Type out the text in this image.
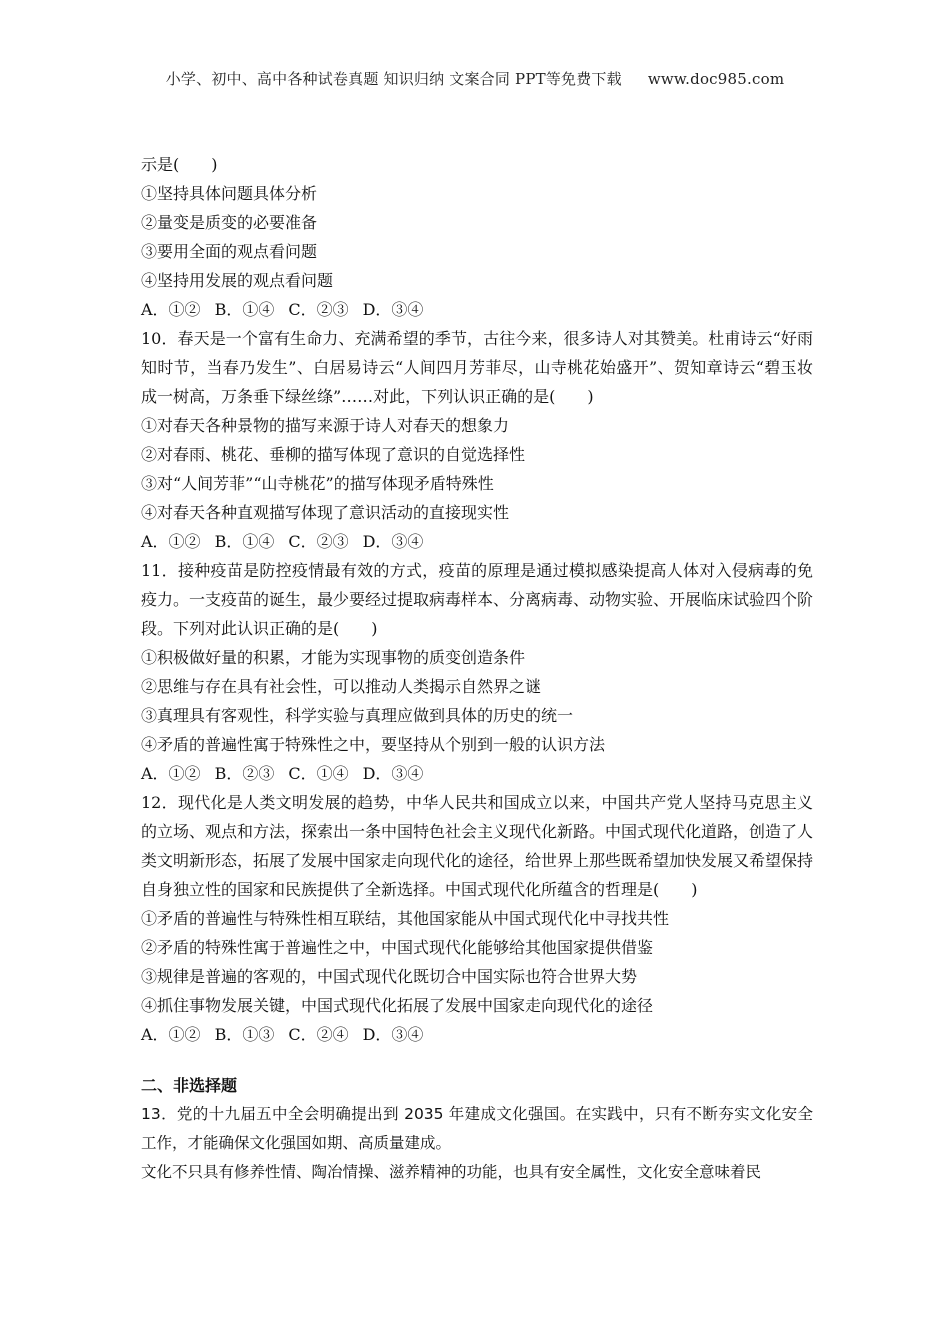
小学、初中、高中各种试卷真题 知识归纳 文案合同 PPT等免费下载 www.doc985.com
示是(　　)
①坚持具体问题具体分析
②量变是质变的必要准备
③要用全面的观点看问题
④坚持用发展的观点看问题
A．①② B．①④ C．②③ D．③④
10．春天是一个富有生命力、充满希望的季节，古往今来，很多诗人对其赞美。杜甫诗云“好雨知时节，当春乃发生”、白居易诗云“人间四月芳菲尽，山寺桃花始盛开”、贺知章诗云“碧玉妆成一树高，万条垂下绿丝绦”……对此，下列认识正确的是(　　)
①对春天各种景物的描写来源于诗人对春天的想象力
②对春雨、桃花、垂柳的描写体现了意识的自觉选择性
③对“人间芳菲”“山寺桃花”的描写体现矛盾特殊性
④对春天各种直观描写体现了意识活动的直接现实性
A．①② B．①④ C．②③ D．③④
11．接种疫苗是防控疫情最有效的方式，疫苗的原理是通过模拟感染提高人体对入侵病毒的免疫力。一支疫苗的诞生，最少要经过提取病毒样本、分离病毒、动物实验、开展临床试验四个阶段。下列对此认识正确的是(　　)
①积极做好量的积累，才能为实现事物的质变创造条件
②思维与存在具有社会性，可以推动人类揭示自然界之谜
③真理具有客观性，科学实验与真理应做到具体的历史的统一
④矛盾的普遍性寓于特殊性之中，要坚持从个别到一般的认识方法
A．①② B．②③ C．①④ D．③④
12．现代化是人类文明发展的趋势，中华人民共和国成立以来，中国共产党人坚持马克思主义的立场、观点和方法，探索出一条中国特色社会主义现代化新路。中国式现代化道路，创造了人类文明新形态，拓展了发展中国家走向现代化的途径，给世界上那些既希望加快发展又希望保持自身独立性的国家和民族提供了全新选择。中国式现代化所蕴含的哲理是(　　)
①矛盾的普遍性与特殊性相互联结，其他国家能从中国式现代化中寻找共性
②矛盾的特殊性寓于普遍性之中，中国式现代化能够给其他国家提供借鉴
③规律是普遍的客观的，中国式现代化既切合中国实际也符合世界大势
④抓住事物发展关键，中国式现代化拓展了发展中国家走向现代化的途径
A．①② B．①③ C．②④ D．③④
二、非选择题
13．党的十九届五中全会明确提出到 2035 年建成文化强国。在实践中，只有不断夯实文化安全工作，才能确保文化强国如期、高质量建成。
文化不只具有修养性情、陶冶情操、滋养精神的功能，也具有安全属性，文化安全意味着民
